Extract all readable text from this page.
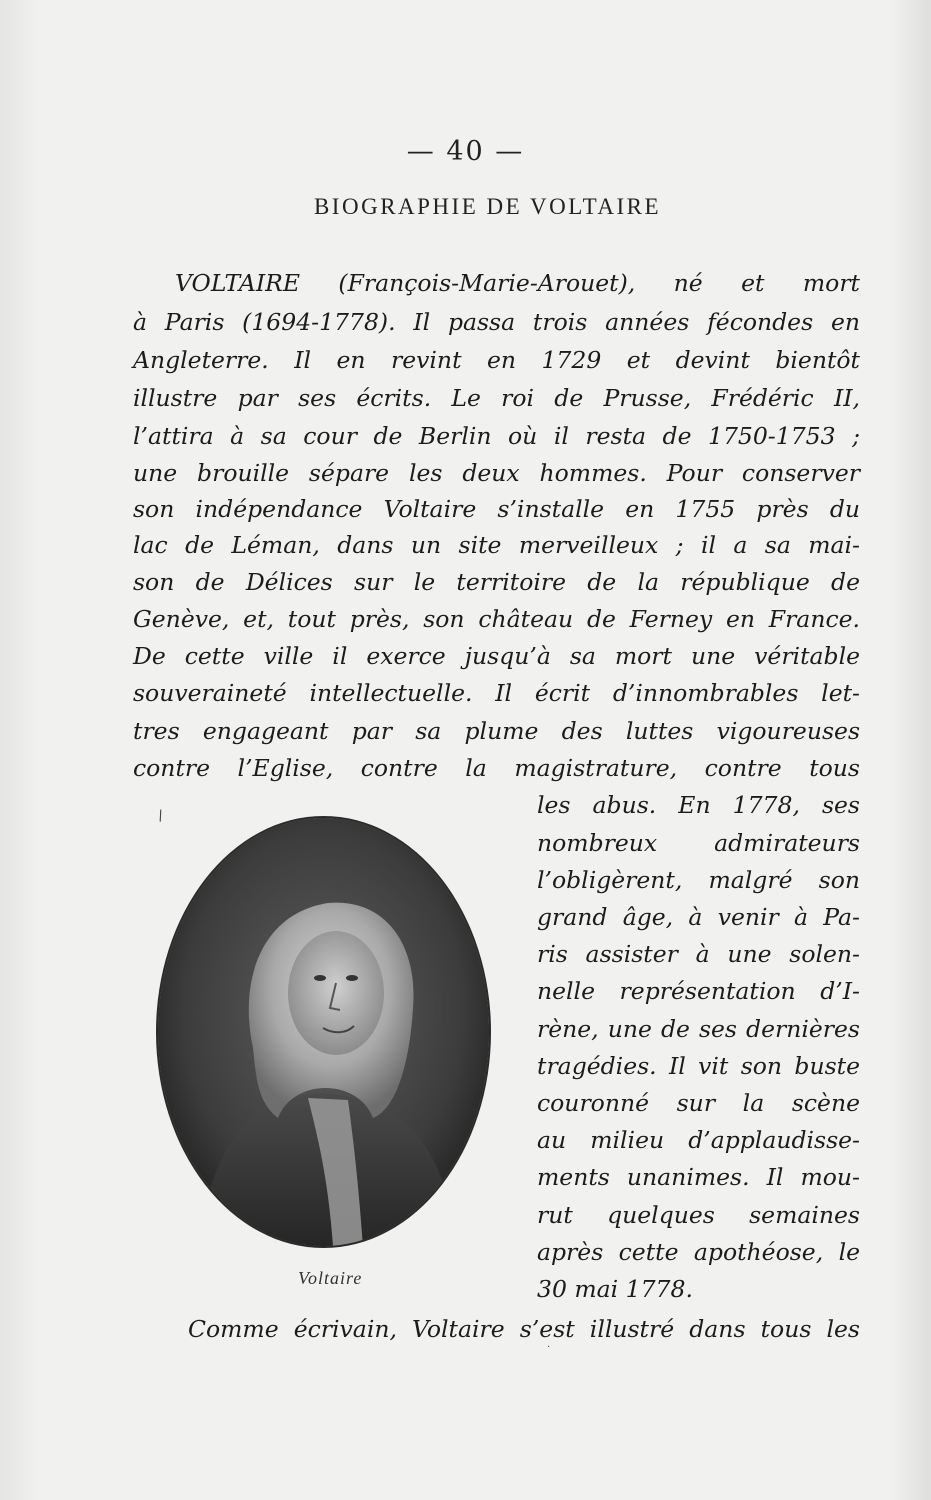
— 40 —
BIOGRAPHIE DE VOLTAIRE
VOLTAIRE (François-Marie-Arouet), né et mort
à Paris (1694-1778). Il passa trois années fécondes en
Angleterre. Il en revint en 1729 et devint bientôt
illustre par ses écrits. Le roi de Prusse, Frédéric II,
l’attira à sa cour de Berlin où il resta de 1750-1753 ;
une brouille sépare les deux hommes. Pour conserver
son indépendance Voltaire s’installe en 1755 près du
lac de Léman, dans un site merveilleux ; il a sa mai-
son de Délices sur le territoire de la république de
Genève, et, tout près, son château de Ferney en France.
De cette ville il exerce jusqu’à sa mort une véritable
souveraineté intellectuelle. Il écrit d’innombrables let-
tres engageant par sa plume des luttes vigoureuses
contre l’Eglise, contre la magistrature, contre tous
les abus. En 1778, ses
nombreux admirateurs
l’obligèrent, malgré son
grand âge, à venir à Pa-
ris assister à une solen-
nelle représentation d’I-
rène, une de ses dernières
tragédies. Il vit son buste
couronné sur la scène
au milieu d’applaudisse-
ments unanimes. Il mou-
rut quelques semaines
après cette apothéose, le
30 mai 1778.
Comme écrivain, Voltaire s’est illustré dans tous les
Voltaire
\
·
